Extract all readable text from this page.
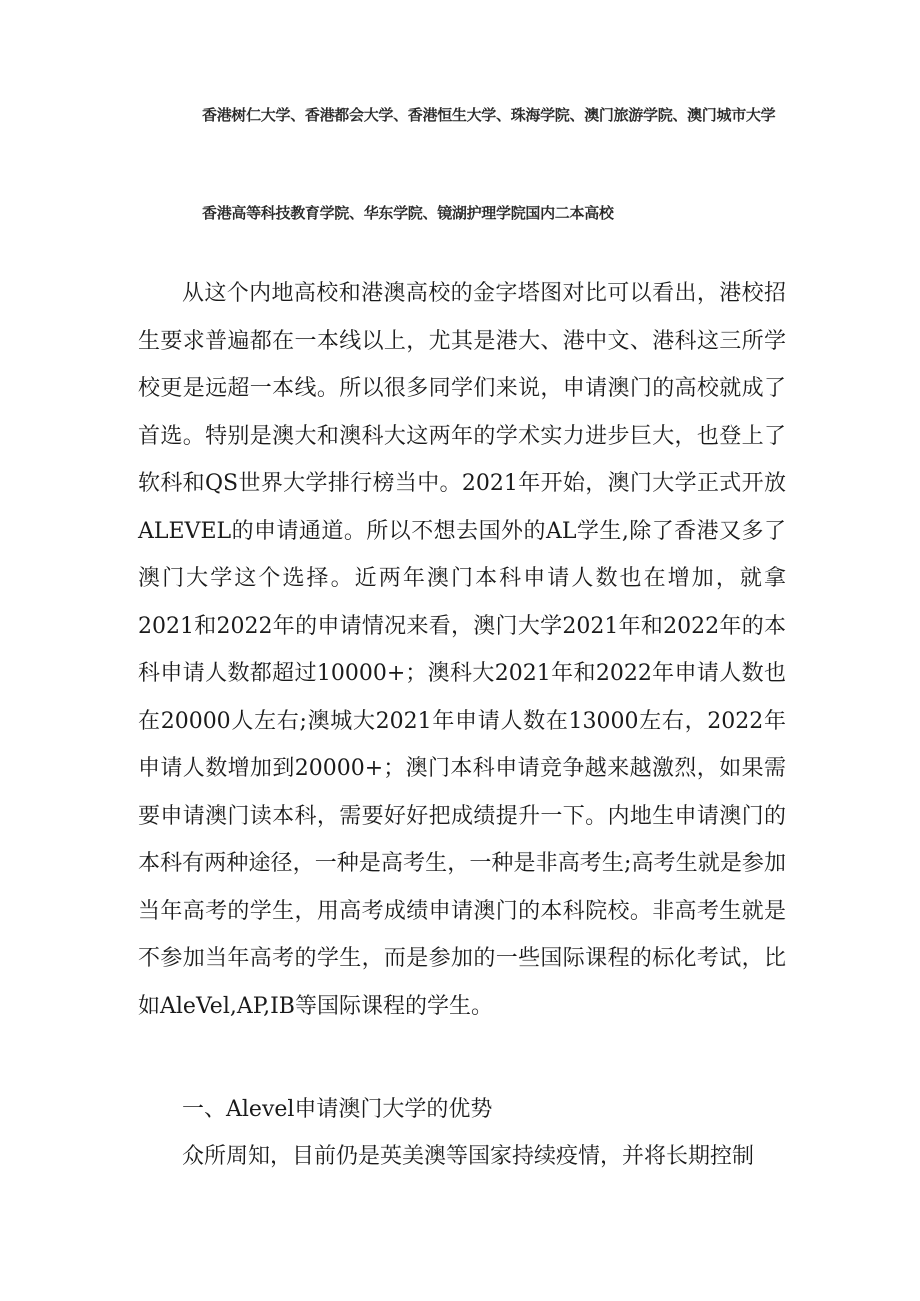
香港树仁大学、香港都会大学、香港恒生大学、珠海学院、澳门旅游学院、澳门城市大学
香港高等科技教育学院、华东学院、镜湖护理学院国内二本高校

从这个内地高校和港澳高校的金字塔图对比可以看出，港校招生要求普遍都在一本线以上，尤其是港大、港中文、港科这三所学校更是远超一本线。所以很多同学们来说，申请澳门的高校就成了首选。特别是澳大和澳科大这两年的学术实力进步巨大，也登上了软科和QS世界大学排行榜当中。2021年开始，澳门大学正式开放ALEVEL的申请通道。所以不想去国外的AL学生,除了香港又多了澳门大学这个选择。近两年澳门本科申请人数也在增加，就拿2021和2022年的申请情况来看，澳门大学2021年和2022年的本科申请人数都超过10000+；澳科大2021年和2022年申请人数也在20000人左右;澳城大2021年申请人数在13000左右，2022年申请人数增加到20000+；澳门本科申请竞争越来越激烈，如果需要申请澳门读本科，需要好好把成绩提升一下。内地生申请澳门的本科有两种途径，一种是高考生，一种是非高考生;高考生就是参加当年高考的学生，用高考成绩申请澳门的本科院校。非高考生就是不参加当年高考的学生，而是参加的一些国际课程的标化考试，比如AleVel,AP,IB等国际课程的学生。

一、Alevel申请澳门大学的优势

众所周知，目前仍是英美澳等国家持续疫情，并将长期控制
